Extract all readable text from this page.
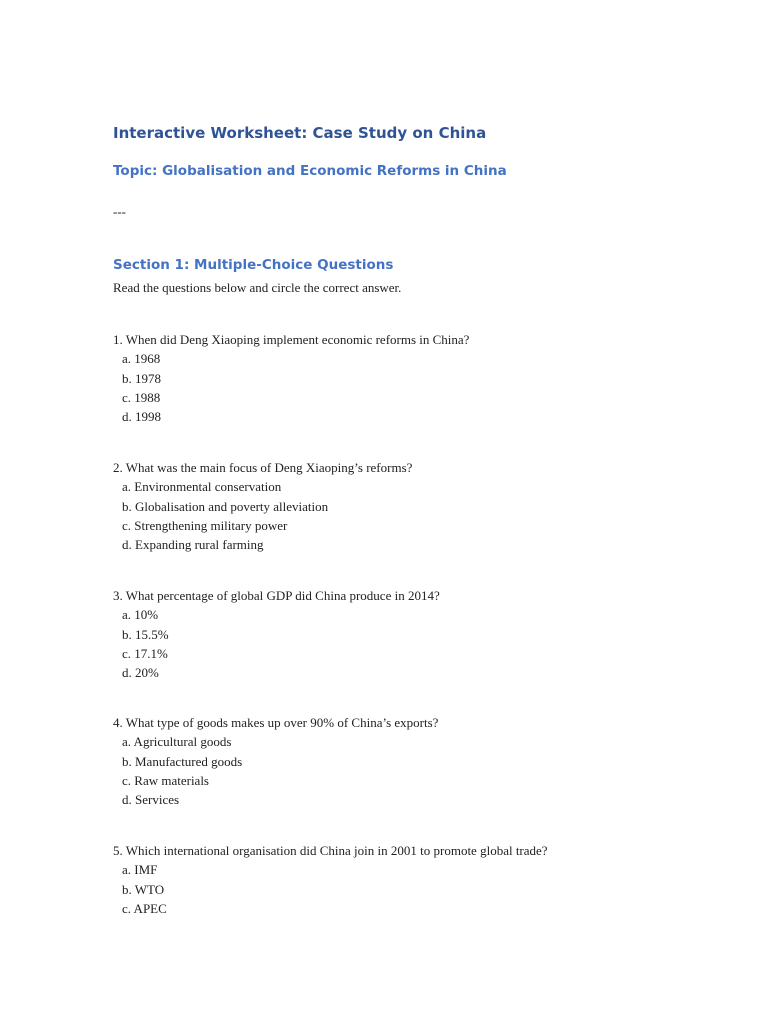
Interactive Worksheet: Case Study on China
Topic: Globalisation and Economic Reforms in China

---

Section 1: Multiple-Choice Questions

Read the questions below and circle the correct answer.

1. When did Deng Xiaoping implement economic reforms in China?
a. 1968
b. 1978
c. 1988
d. 1998
2. What was the main focus of Deng Xiaoping’s reforms?
a. Environmental conservation
b. Globalisation and poverty alleviation
c. Strengthening military power
d. Expanding rural farming
3. What percentage of global GDP did China produce in 2014?
a. 10%
b. 15.5%
c. 17.1%
d. 20%
4. What type of goods makes up over 90% of China’s exports?
a. Agricultural goods
b. Manufactured goods
c. Raw materials
d. Services
5. Which international organisation did China join in 2001 to promote global trade?
a. IMF
b. WTO
c. APEC
